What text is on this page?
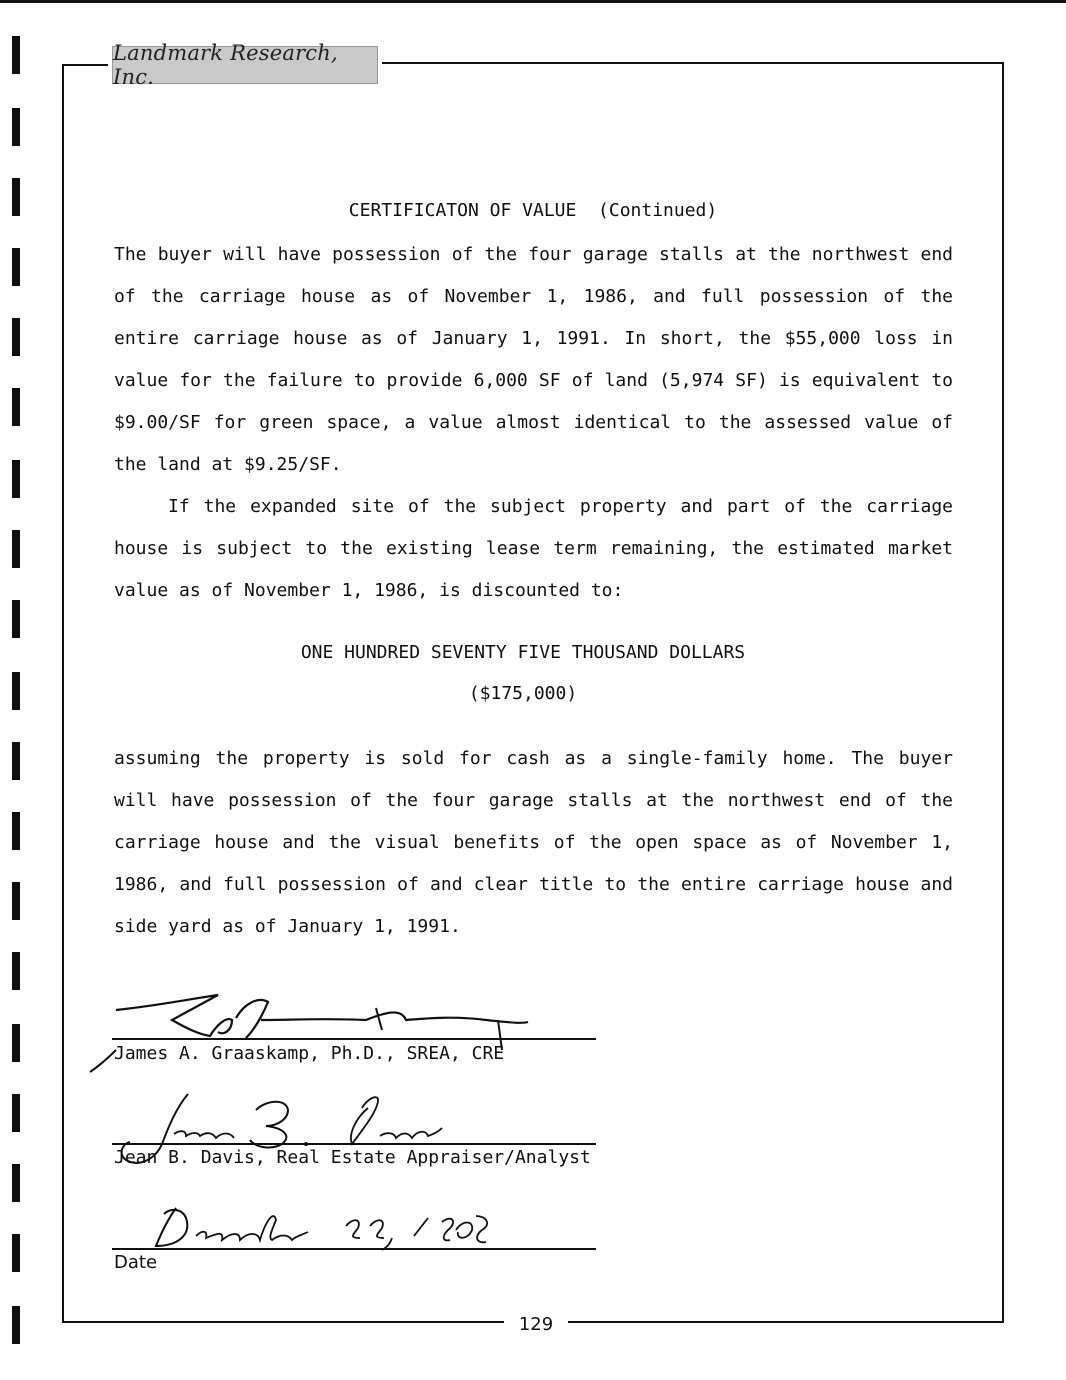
Landmark Research, Inc.
CERTIFICATON OF VALUE  (Continued)

The buyer will have possession of the four garage stalls at the northwest end of the carriage house as of November 1, 1986, and full possession of the entire carriage house as of January 1, 1991. In short, the $55,000 loss in value for the failure to provide 6,000 SF of land (5,974 SF) is equivalent to $9.00/SF for green space, a value almost identical to the assessed value of the land at $9.25/SF.

If the expanded site of the subject property and part of the carriage house is subject to the existing lease term remaining, the estimated market value as of November 1, 1986, is discounted to:

ONE HUNDRED SEVENTY FIVE THOUSAND DOLLARS
($175,000)

assuming the property is sold for cash as a single-family home. The buyer will have possession of the four garage stalls at the northwest end of the carriage house and the visual benefits of the open space as of November 1, 1986, and full possession of and clear title to the entire carriage house and side yard as of January 1, 1991.

James A. Graaskamp, Ph.D., SREA, CRE
Jean B. Davis, Real Estate Appraiser/Analyst
Date
129
